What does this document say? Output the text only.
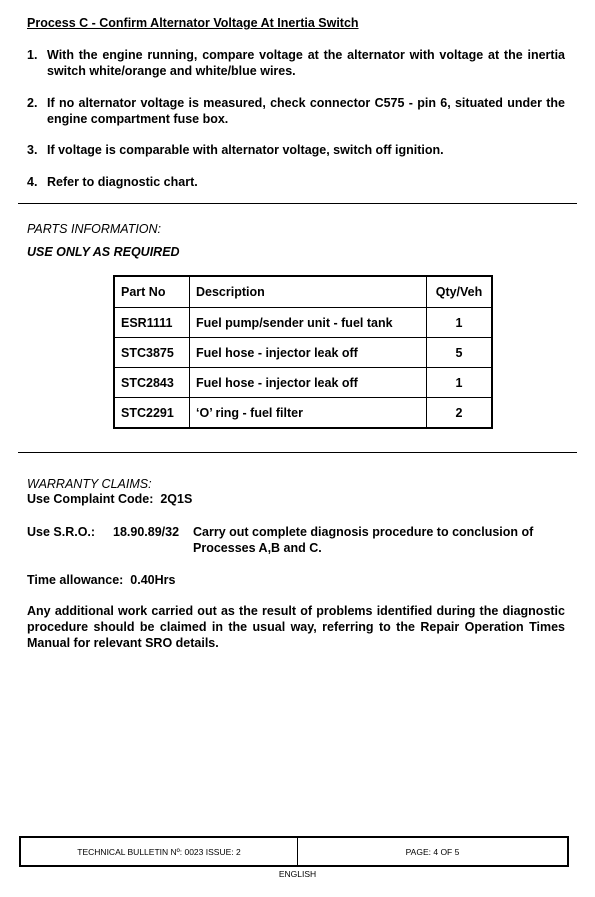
Process C - Confirm Alternator Voltage At Inertia Switch
1. With the engine running, compare voltage at the alternator with voltage at the inertia switch white/orange and white/blue wires.
2. If no alternator voltage is measured, check connector C575 - pin 6, situated under the engine compartment fuse box.
3. If voltage is comparable with alternator voltage, switch off ignition.
4. Refer to diagnostic chart.
PARTS INFORMATION:
USE ONLY AS REQUIRED
Part No	Description	Qty/Veh
ESR1111	Fuel pump/sender unit - fuel tank	1
STC3875	Fuel hose - injector leak off	5
STC2843	Fuel hose - injector leak off	1
STC2291	‘O’ ring - fuel filter	2
WARRANTY CLAIMS:
Use Complaint Code: 2Q1S
Use S.R.O.: 18.90.89/32 Carry out complete diagnosis procedure to conclusion of Processes A,B and C.
Time allowance: 0.40Hrs
Any additional work carried out as the result of problems identified during the diagnostic procedure should be claimed in the usual way, referring to the Repair Operation Times Manual for relevant SRO details.
TECHNICAL BULLETIN Nº: 0023 ISSUE: 2	PAGE: 4 OF 5
ENGLISH
